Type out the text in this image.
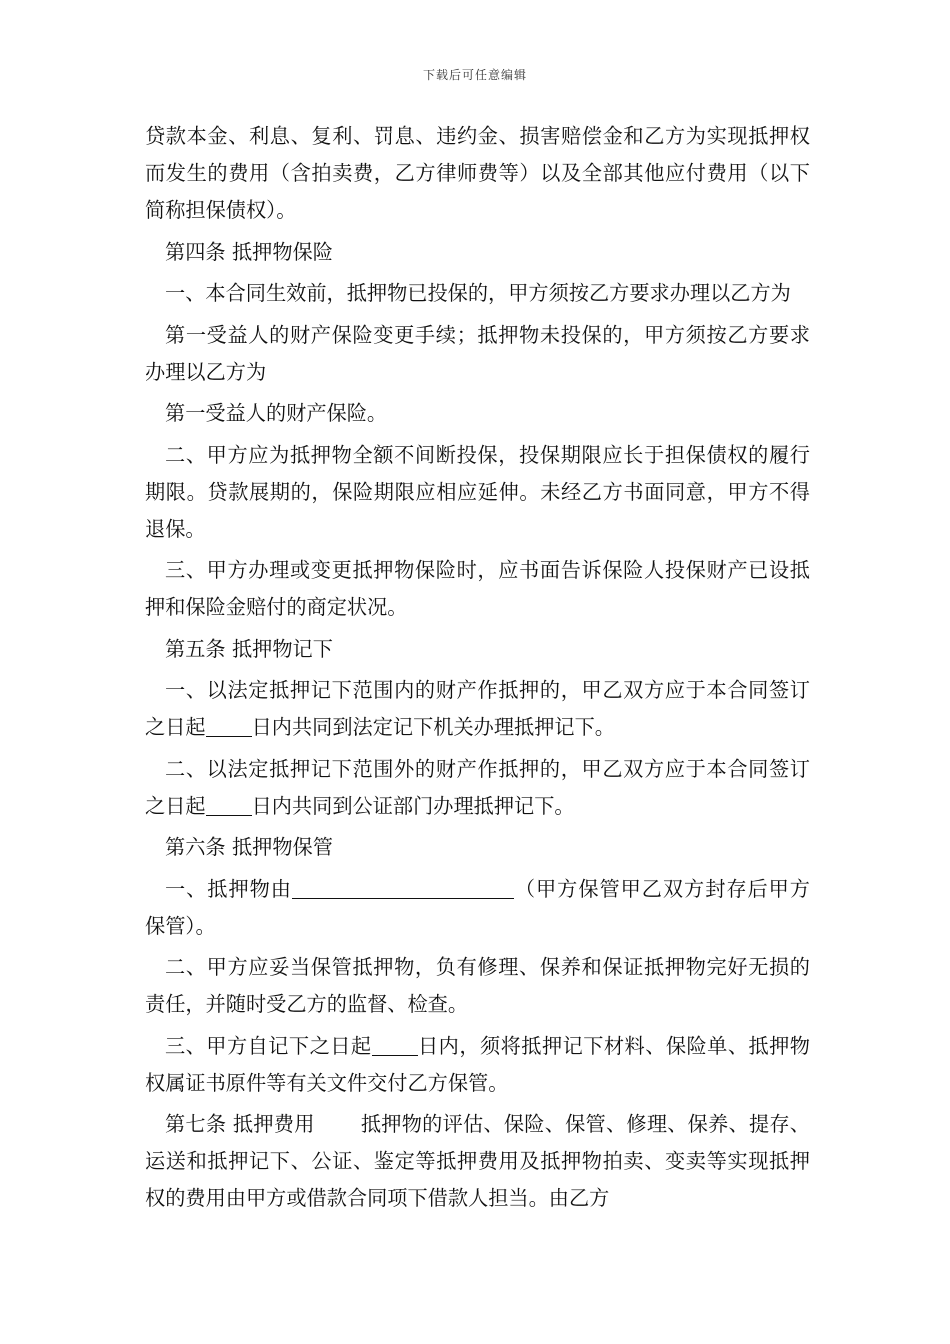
下载后可任意编辑

贷款本金、利息、复利、罚息、违约金、损害赔偿金和乙方为实现抵押权而发生的费用（含拍卖费，乙方律师费等）以及全部其他应付费用（以下简称担保债权）。

第四条 抵押物保险

一、本合同生效前，抵押物已投保的，甲方须按乙方要求办理以乙方为

第一受益人的财产保险变更手续；抵押物未投保的，甲方须按乙方要求办理以乙方为

第一受益人的财产保险。

二、甲方应为抵押物全额不间断投保，投保期限应长于担保债权的履行期限。贷款展期的，保险期限应相应延伸。未经乙方书面同意，甲方不得退保。

三、甲方办理或变更抵押物保险时，应书面告诉保险人投保财产已设抵押和保险金赔付的商定状况。

第五条 抵押物记下

一、以法定抵押记下范围内的财产作抵押的，甲乙双方应于本合同签订之日起 日内共同到法定记下机关办理抵押记下。

二、以法定抵押记下范围外的财产作抵押的，甲乙双方应于本合同签订之日起 日内共同到公证部门办理抵押记下。

第六条 抵押物保管

一、抵押物由	（甲方保管甲乙双方封存后甲方保管）。

二、甲方应妥当保管抵押物，负有修理、保养和保证抵押物完好无损的责任，并随时受乙方的监督、检查。

三、甲方自记下之日起 日内，须将抵押记下材料、保险单、抵押物权属证书原件等有关文件交付乙方保管。

第七条 抵押费用 抵押物的评估、保险、保管、修理、保养、提存、运送和抵押记下、公证、鉴定等抵押费用及抵押物拍卖、变卖等实现抵押权的费用由甲方或借款合同项下借款人担当。由乙方
